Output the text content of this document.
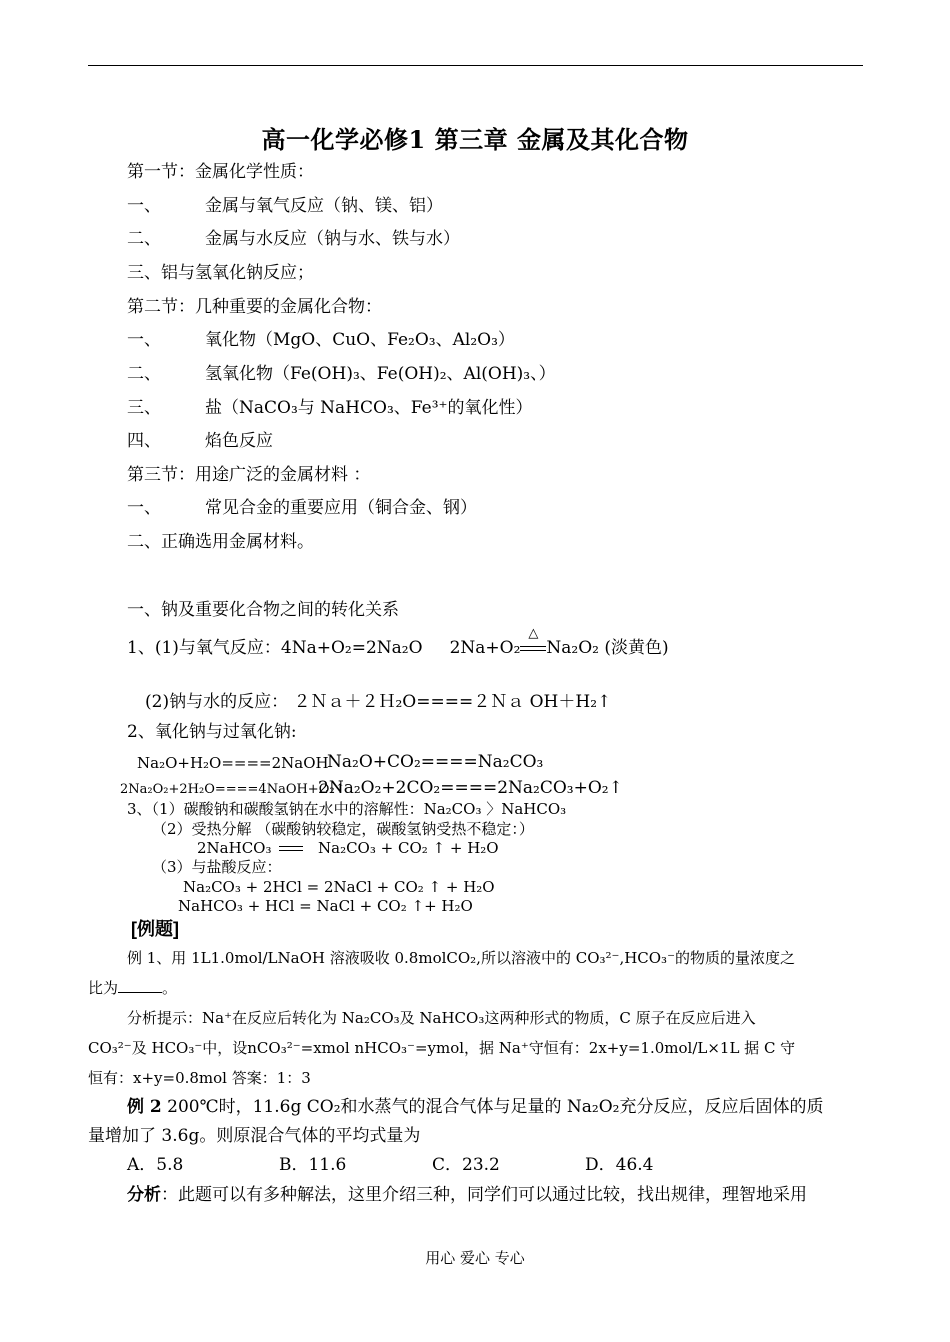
高一化学必修1 第三章 金属及其化合物
第一节：金属化学性质：
一、	金属与氧气反应（钠、镁、铝）
二、	金属与水反应（钠与水、铁与水）
三、铝与氢氧化钠反应；
第二节：几种重要的金属化合物：
一、	氧化物（MgO、CuO、Fe₂O₃、Al₂O₃）
二、	氢氧化物（Fe(OH)₃、Fe(OH)₂、Al(OH)₃、）
三、	盐（NaCO₃与 NaHCO₃、Fe³⁺的氧化性）
四、	焰色反应
第三节：用途广泛的金属材料 ：
一、	常见合金的重要应用（铜合金、钢）
二、正确选用金属材料。
一、钠及重要化合物之间的转化关系
1、(1)与氧气反应：4Na+O₂=2Na₂O 2Na+O₂
△
Na₂O₂ (淡黄色)
(2)钠与水的反应： ２Ｎａ＋２Ｈ₂O====２Ｎａ OH＋H₂↑
2、氧化钠与过氧化钠:
Na₂O+H₂O====2NaOH
Na₂O+CO₂====Na₂CO₃
2Na₂O₂+2H₂O====4NaOH+O₂↑
2Na₂O₂+2CO₂====2Na₂CO₃+O₂↑
3、（1）碳酸钠和碳酸氢钠在水中的溶解性：Na₂CO₃ 〉NaHCO₃
（2）受热分解 （碳酸钠较稳定，碳酸氢钠受热不稳定：）
2NaHCO₃	Na₂CO₃ + CO₂ ↑ + H₂O
（3）与盐酸反应：
Na₂CO₃ + 2HCl = 2NaCl + CO₂ ↑ + H₂O
NaHCO₃ + HCl = NaCl + CO₂ ↑+ H₂O
[例题]
例 1、用 1L1.0mol/LNaOH 溶液吸收 0.8molCO₂,所以溶液中的 CO₃²⁻,HCO₃⁻的物质的量浓度之
比为	。
分析提示：Na⁺在反应后转化为 Na₂CO₃及 NaHCO₃这两种形式的物质，C 原子在反应后进入
CO₃²⁻及 HCO₃⁻中，设nCO₃²⁻=xmol nHCO₃⁻=ymol，据 Na⁺守恒有：2x+y=1.0mol/L×1L 据 C 守
恒有：x+y=0.8mol 答案：1：3
例 2 200℃时，11.6g CO₂和水蒸气的混合气体与足量的 Na₂O₂充分反应，反应后固体的质
量增加了 3.6g。则原混合气体的平均式量为
A．5.8	B．11.6	C．23.2	D．46.4
分析：此题可以有多种解法，这里介绍三种，同学们可以通过比较，找出规律，理智地采用
用心 爱心 专心
